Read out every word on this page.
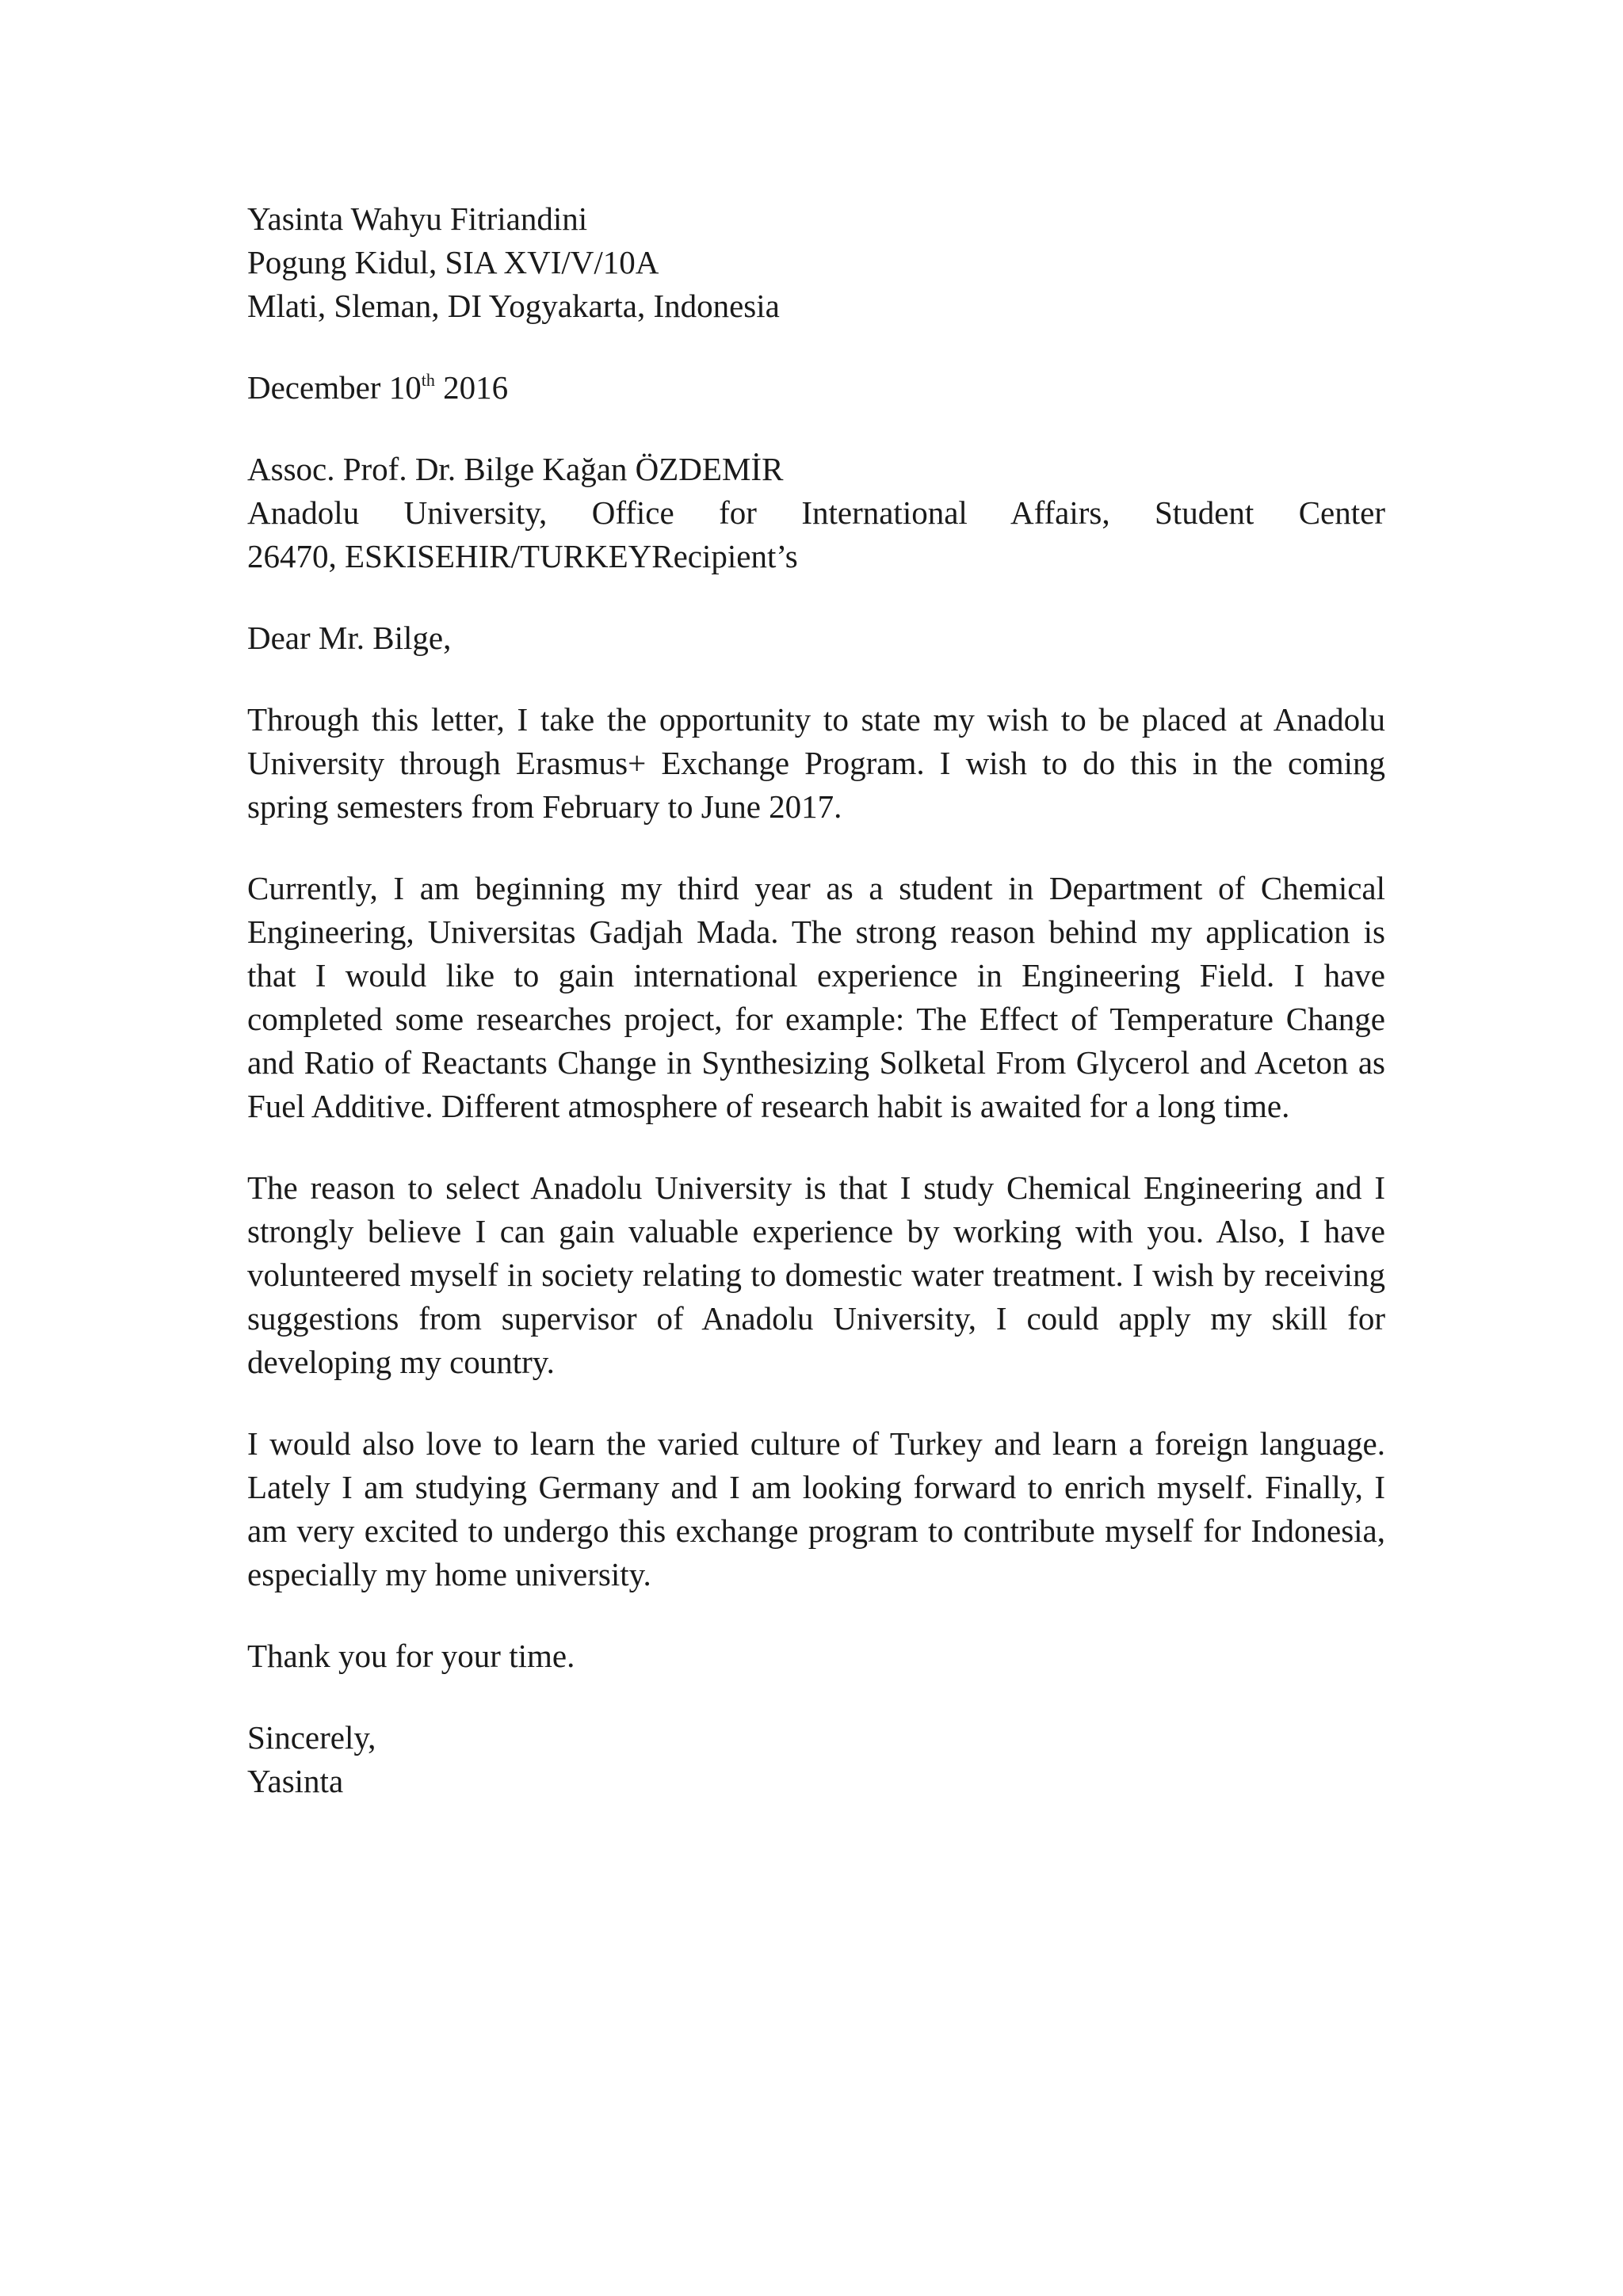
Yasinta Wahyu Fitriandini
Pogung Kidul, SIA XVI/V/10A
Mlati, Sleman, DI Yogyakarta, Indonesia
December 10th 2016
Assoc. Prof. Dr. Bilge Kağan ÖZDEMİR
Anadolu University, Office for International Affairs, Student Center
26470, ESKISEHIR/TURKEYRecipient’s
Dear Mr. Bilge,

Through this letter, I take the opportunity to state my wish to be placed at Anadolu University through Erasmus+ Exchange Program. I wish to do this in the coming spring semesters from February to June 2017.

Currently, I am beginning my third year as a student in Department of Chemical Engineering, Universitas Gadjah Mada. The strong reason behind my application is that I would like to gain international experience in Engineering Field. I have completed some researches project, for example: The Effect of Temperature Change and Ratio of Reactants Change in Synthesizing Solketal From Glycerol and Aceton as Fuel Additive. Different atmosphere of research habit is awaited for a long time.

The reason to select Anadolu University is that I study Chemical Engineering and I strongly believe I can gain valuable experience by working with you. Also, I have volunteered myself in society relating to domestic water treatment. I wish by receiving suggestions from supervisor of Anadolu University, I could apply my skill for developing my country.

I would also love to learn the varied culture of Turkey and learn a foreign language. Lately I am studying Germany and I am looking forward to enrich myself. Finally, I am very excited to undergo this exchange program to contribute myself for Indonesia, especially my home university.

Thank you for your time.
Sincerely,
Yasinta
